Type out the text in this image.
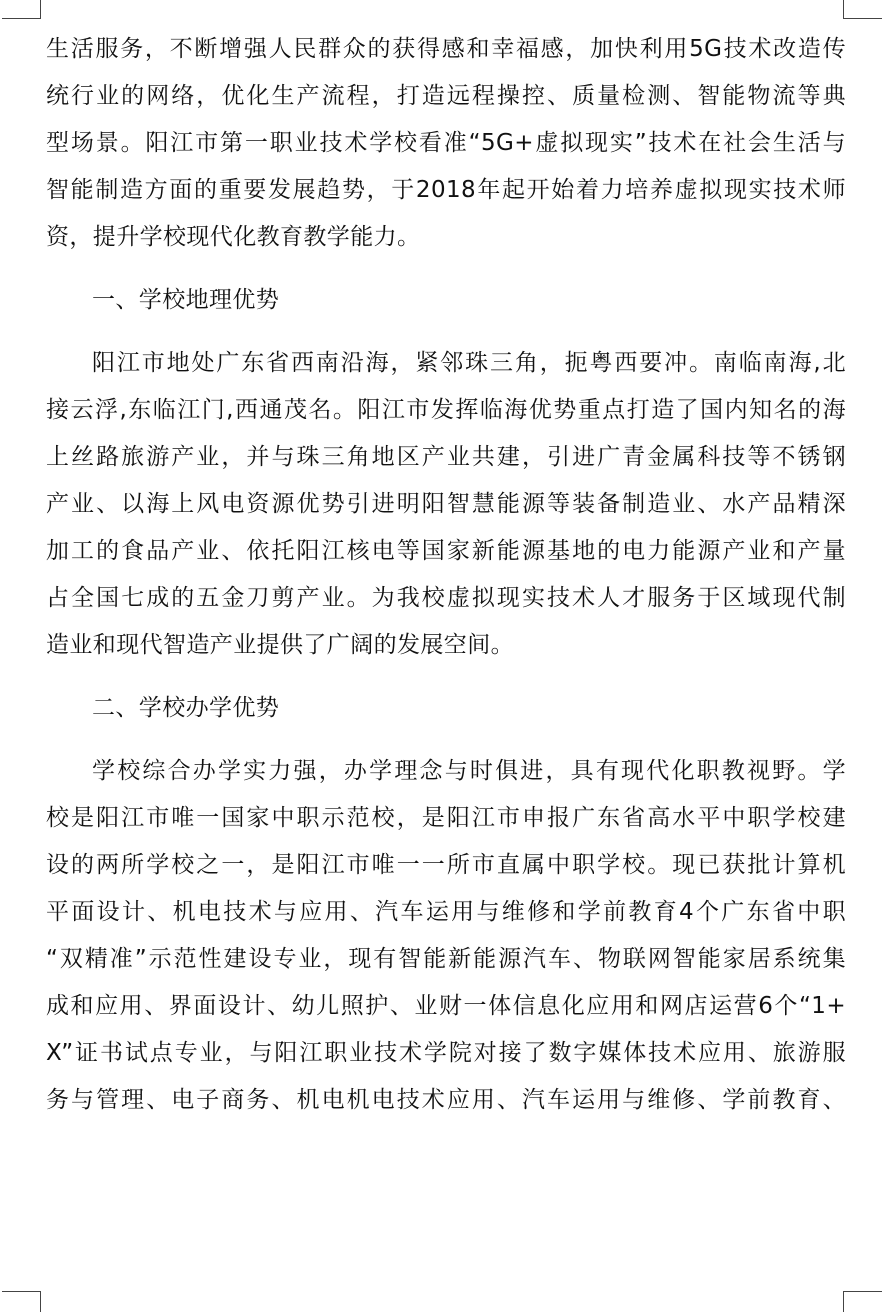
生活服务，不断增强人民群众的获得感和幸福感，加快利用5G技术改造传
统行业的网络，优化生产流程，打造远程操控、质量检测、智能物流等典
型场景。阳江市第一职业技术学校看准“5G+虚拟现实”技术在社会生活与
智能制造方面的重要发展趋势，于2018年起开始着力培养虚拟现实技术师
资，提升学校现代化教育教学能力。

一、学校地理优势

阳江市地处广东省西南沿海，紧邻珠三角，扼粤西要冲。南临南海,北
接云浮,东临江门,西通茂名。阳江市发挥临海优势重点打造了国内知名的海
上丝路旅游产业，并与珠三角地区产业共建，引进广青金属科技等不锈钢
产业、以海上风电资源优势引进明阳智慧能源等装备制造业、水产品精深
加工的食品产业、依托阳江核电等国家新能源基地的电力能源产业和产量
占全国七成的五金刀剪产业。为我校虚拟现实技术人才服务于区域现代制
造业和现代智造产业提供了广阔的发展空间。

二、学校办学优势

学校综合办学实力强，办学理念与时俱进，具有现代化职教视野。学
校是阳江市唯一国家中职示范校，是阳江市申报广东省高水平中职学校建
设的两所学校之一，是阳江市唯一一所市直属中职学校。现已获批计算机
平面设计、机电技术与应用、汽车运用与维修和学前教育4个广东省中职
“双精准”示范性建设专业，现有智能新能源汽车、物联网智能家居系统集
成和应用、界面设计、幼儿照护、业财一体信息化应用和网店运营6个“1+
X”证书试点专业，与阳江职业技术学院对接了数字媒体技术应用、旅游服
务与管理、电子商务、机电机电技术应用、汽车运用与维修、学前教育、
